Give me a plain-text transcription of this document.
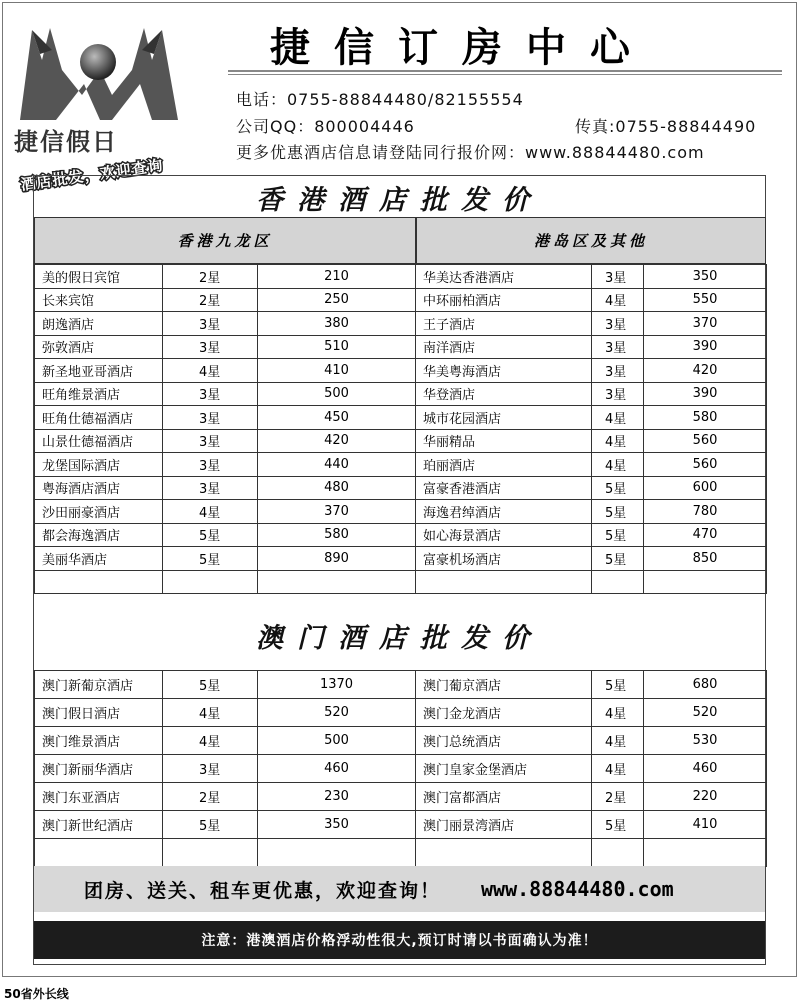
捷信假日
酒店批发，欢迎查询
捷信订房中心
电话：0755-88844480/82155554
公司QQ：800004446	传真:0755-88844490
更多优惠酒店信息请登陆同行报价网：www.88844480.com
香港酒店批发价
香港九龙区	港岛区及其他
美的假日宾馆	2星	210	华美达香港酒店	3星	350
长来宾馆	2星	250	中环丽柏酒店	4星	550
朗逸酒店	3星	380	王子酒店	3星	370
弥敦酒店	3星	510	南洋酒店	3星	390
新圣地亚哥酒店	4星	410	华美粤海酒店	3星	420
旺角维景酒店	3星	500	华登酒店	3星	390
旺角仕德福酒店	3星	450	城市花园酒店	4星	580
山景仕德福酒店	3星	420	华丽精品	4星	560
龙堡国际酒店	3星	440	珀丽酒店	4星	560
粤海酒店酒店	3星	480	富豪香港酒店	5星	600
沙田丽豪酒店	4星	370	海逸君绰酒店	5星	780
都会海逸酒店	5星	580	如心海景酒店	5星	470
美丽华酒店	5星	890	富豪机场酒店	5星	850

澳门酒店批发价
澳门新葡京酒店	5星	1370	澳门葡京酒店	5星	680
澳门假日酒店	4星	520	澳门金龙酒店	4星	520
澳门维景酒店	4星	500	澳门总统酒店	4星	530
澳门新丽华酒店	3星	460	澳门皇家金堡酒店	4星	460
澳门东亚酒店	2星	230	澳门富都酒店	2星	220
澳门新世纪酒店	5星	350	澳门丽景湾酒店	5星	410

团房、送关、租车更优惠，欢迎查询！ www.88844480.com
注意：港澳酒店价格浮动性很大,预订时请以书面确认为准！
50省外长线
